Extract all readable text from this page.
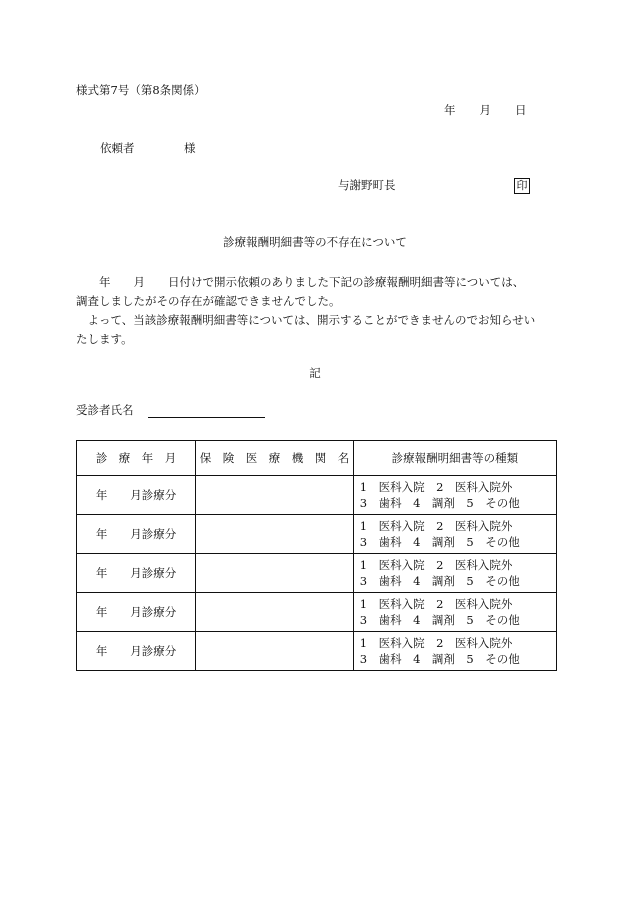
様式第7号（第8条関係）
年 月 日
依頼者	様
与謝野町長	印
診療報酬明細書等の不存在について

　　年　　月　　日付けで開示依頼のありました下記の診療報酬明細書等については、

調査しましたがその存在が確認できませんでした。

　よって、当該診療報酬明細書等については、開示することができませんのでお知らせい

たします。

記
受診者氏名
診　療　年　月	保　険　医　療　機　関　名	診療報酬明細書等の種類
年　　月診療分		1　医科入院　2　医科入院外
3　歯科　4　調剤　5　その他

年　　月診療分		1　医科入院　2　医科入院外
3　歯科　4　調剤　5　その他

年　　月診療分		1　医科入院　2　医科入院外
3　歯科　4　調剤　5　その他

年　　月診療分		1　医科入院　2　医科入院外
3　歯科　4　調剤　5　その他

年　　月診療分		1　医科入院　2　医科入院外
3　歯科　4　調剤　5　その他
